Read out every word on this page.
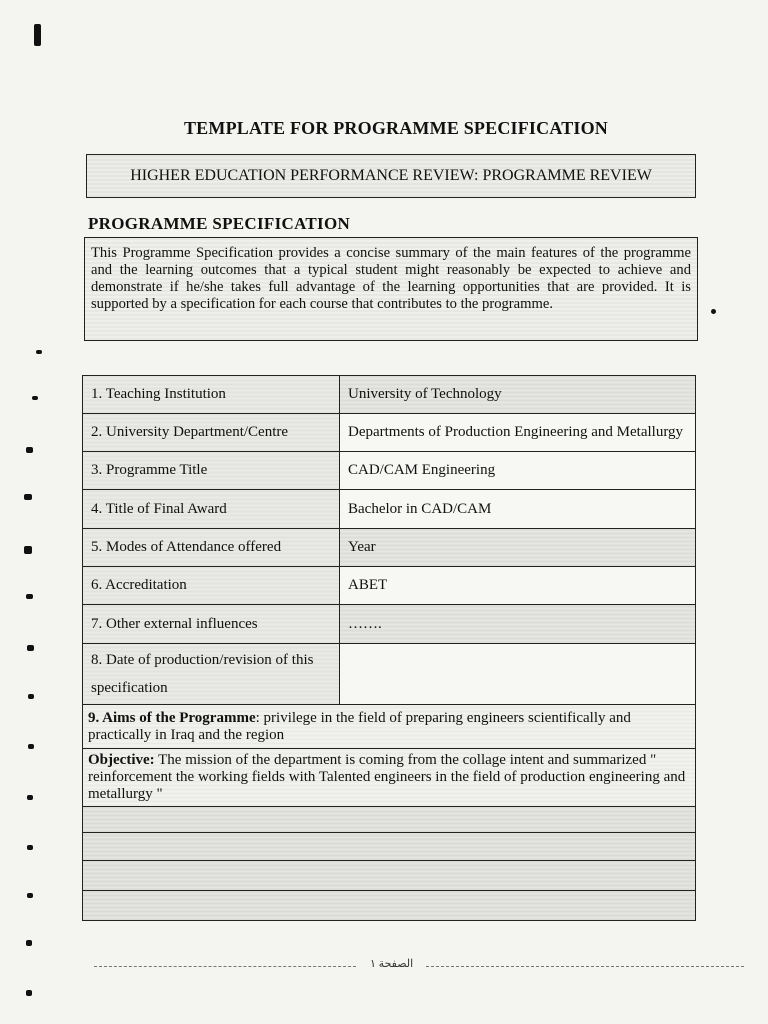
TEMPLATE FOR PROGRAMME SPECIFICATION
HIGHER EDUCATION PERFORMANCE REVIEW: PROGRAMME REVIEW
PROGRAMME SPECIFICATION

This Programme Specification provides a concise summary of the main features of the programme and the learning outcomes that a typical student might reasonably be expected to achieve and demonstrate if he/she takes full advantage of the learning opportunities that are provided. It is supported by a specification for each course that contributes to the programme.

1. Teaching Institution	University of Technology
2. University Department/Centre	Departments of Production Engineering and Metallurgy
3. Programme Title	CAD/CAM Engineering
4. Title of Final Award	Bachelor in CAD/CAM
5. Modes of Attendance offered	Year
6. Accreditation	ABET
7. Other external influences	…….
8. Date of production/revision of this specification	
9. Aims of the Programme: privilege in the field of preparing engineers scientifically and practically in Iraq and the region	
Objective: The mission of the department is coming from the collage intent and summarized " reinforcement the working fields with Talented engineers in the field of production engineering and metallurgy "	

الصفحة ١
